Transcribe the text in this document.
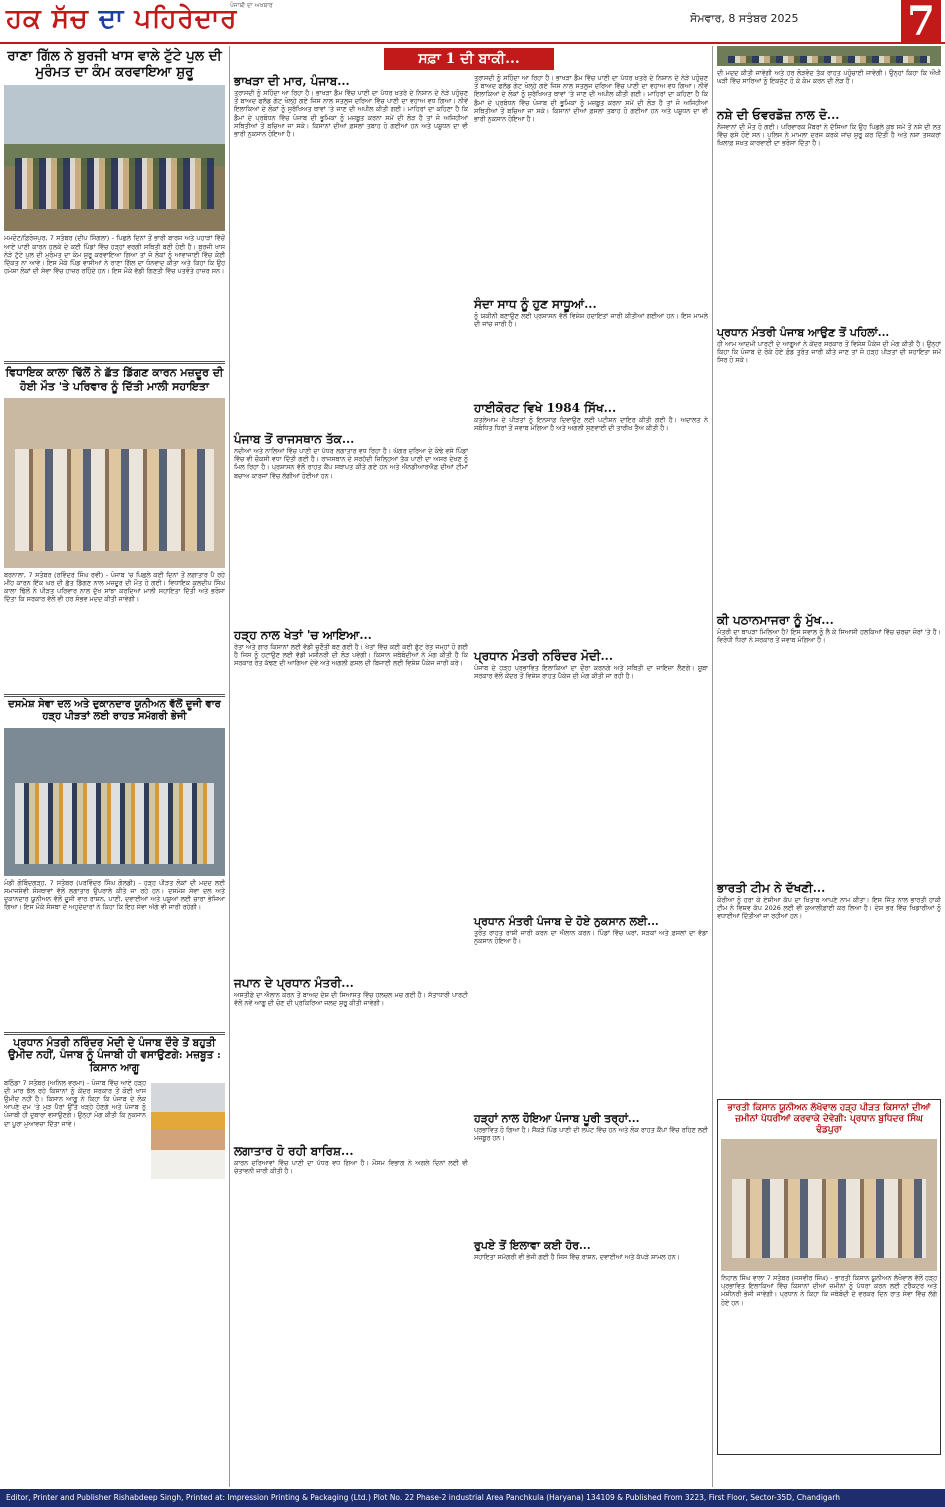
ਹਕ ਸੱਚ ਦਾ ਪਹਿਰੇਦਾਰ
ਪੰਜਾਬੀ ਦਾ ਅਖਬਾਰ
ਸੋਮਵਾਰ, 8 ਸਤੰਬਰ 2025	7
ਰਾਣਾ ਗਿੱਲ ਨੇ ਬੁਰਜੀ ਖਾਸ ਵਾਲੇ ਟੁੱਟੇ ਪੁਲ ਦੀ ਮੁਰੰਮਤ ਦਾ ਕੰਮ ਕਰਵਾਇਆ ਸ਼ੁਰੂ
ਮਮਦੋਟ/ਫ਼ਿਰੋਜ਼ਪੁਰ, 7 ਸਤੰਬਰ (ਦੀਪ ਸਿੰਗਲਾ) - ਪਿਛਲੇ ਦਿਨਾਂ ਤੋਂ ਭਾਰੀ ਬਾਰਸ਼ ਅਤੇ ਪਹਾੜਾਂ ਵਿੱਚੋਂ ਆਏ ਪਾਣੀ ਕਾਰਨ ਹਲਕੇ ਦੇ ਕਈ ਪਿੰਡਾਂ ਵਿੱਚ ਹੜ੍ਹਾਂ ਵਰਗੀ ਸਥਿਤੀ ਬਣੀ ਹੋਈ ਹੈ। ਬੁਰਜੀ ਖਾਸ ਨੇੜੇ ਟੁੱਟੇ ਪੁਲ ਦੀ ਮੁਰੰਮਤ ਦਾ ਕੰਮ ਸ਼ੁਰੂ ਕਰਵਾਇਆ ਗਿਆ ਤਾਂ ਜੋ ਲੋਕਾਂ ਨੂੰ ਆਵਾਜਾਈ ਵਿੱਚ ਕੋਈ ਦਿੱਕਤ ਨਾ ਆਵੇ। ਇਸ ਮੌਕੇ ਪਿੰਡ ਵਾਸੀਆਂ ਨੇ ਰਾਣਾ ਗਿੱਲ ਦਾ ਧੰਨਵਾਦ ਕੀਤਾ ਅਤੇ ਕਿਹਾ ਕਿ ਉਹ ਹਮੇਸ਼ਾ ਲੋਕਾਂ ਦੀ ਸੇਵਾ ਵਿੱਚ ਹਾਜ਼ਰ ਰਹਿੰਦੇ ਹਨ। ਇਸ ਮੌਕੇ ਵੱਡੀ ਗਿਣਤੀ ਵਿੱਚ ਪਤਵੰਤੇ ਹਾਜ਼ਰ ਸਨ।
ਵਿਧਾਇਕ ਕਾਲਾ ਢਿੱਲੋਂ ਨੇ ਛੱਤ ਡਿੱਗਣ ਕਾਰਨ ਮਜ਼ਦੂਰ ਦੀ ਹੋਈ ਮੌਤ 'ਤੇ ਪਰਿਵਾਰ ਨੂੰ ਦਿੱਤੀ ਮਾਲੀ ਸਹਾਇਤਾ
ਬਰਨਾਲਾ, 7 ਸਤੰਬਰ (ਰਵਿੰਦਰ ਸਿੰਘ ਰਵੀ) - ਪੰਜਾਬ 'ਚ ਪਿਛਲੇ ਕਈ ਦਿਨਾਂ ਤੋਂ ਲਗਾਤਾਰ ਪੈ ਰਹੇ ਮੀਂਹ ਕਾਰਨ ਇੱਕ ਘਰ ਦੀ ਛੱਤ ਡਿੱਗਣ ਨਾਲ ਮਜ਼ਦੂਰ ਦੀ ਮੌਤ ਹੋ ਗਈ। ਵਿਧਾਇਕ ਕੁਲਦੀਪ ਸਿੰਘ ਕਾਲਾ ਢਿੱਲੋਂ ਨੇ ਪੀੜਤ ਪਰਿਵਾਰ ਨਾਲ ਦੁੱਖ ਸਾਂਝਾ ਕਰਦਿਆਂ ਮਾਲੀ ਸਹਾਇਤਾ ਦਿੱਤੀ ਅਤੇ ਭਰੋਸਾ ਦਿੱਤਾ ਕਿ ਸਰਕਾਰ ਵੱਲੋਂ ਵੀ ਹਰ ਸੰਭਵ ਮਦਦ ਕੀਤੀ ਜਾਵੇਗੀ।
ਦਸਮੇਸ਼ ਸੇਵਾ ਦਲ ਅਤੇ ਦੁਕਾਨਦਾਰ ਯੂਨੀਅਨ ਵੱਲੋਂ ਦੂਜੀ ਵਾਰ ਹੜ੍ਹ ਪੀੜਤਾਂ ਲਈ ਰਾਹਤ ਸਮੱਗਰੀ ਭੇਜੀ
ਮੰਡੀ ਗੋਬਿੰਦਗੜ੍ਹ, 7 ਸਤੰਬਰ (ਪਰਵਿੰਦਰ ਸਿੰਘ ਗੋਲਡੀ) - ਹੜ੍ਹ ਪੀੜਤ ਲੋਕਾਂ ਦੀ ਮਦਦ ਲਈ ਸਮਾਜਸੇਵੀ ਸੰਸਥਾਵਾਂ ਵੱਲੋਂ ਲਗਾਤਾਰ ਉਪਰਾਲੇ ਕੀਤੇ ਜਾ ਰਹੇ ਹਨ। ਦਸਮੇਸ਼ ਸੇਵਾ ਦਲ ਅਤੇ ਦੁਕਾਨਦਾਰ ਯੂਨੀਅਨ ਵੱਲੋਂ ਦੂਜੀ ਵਾਰ ਰਾਸ਼ਨ, ਪਾਣੀ, ਦਵਾਈਆਂ ਅਤੇ ਪਸ਼ੂਆਂ ਲਈ ਚਾਰਾ ਭੇਜਿਆ ਗਿਆ। ਇਸ ਮੌਕੇ ਸੰਸਥਾ ਦੇ ਅਹੁਦੇਦਾਰਾਂ ਨੇ ਕਿਹਾ ਕਿ ਇਹ ਸੇਵਾ ਅੱਗੇ ਵੀ ਜਾਰੀ ਰਹੇਗੀ।
ਪ੍ਰਧਾਨ ਮੰਤਰੀ ਨਰਿੰਦਰ ਮੋਦੀ ਦੇ ਪੰਜਾਬ ਦੌਰੇ ਤੋਂ ਬਹੁਤੀ ਉਮੀਦ ਨਹੀਂ, ਪੰਜਾਬ ਨੂੰ ਪੰਜਾਬੀ ਹੀ ਵਸਾਉਣਗੇ: ਮਜ਼ਬੂਤ : ਕਿਸਾਨ ਆਗੂ
ਬਠਿੰਡਾ 7 ਸਤੰਬਰ (ਅਨਿਲ ਵਰਮਾ) - ਪੰਜਾਬ ਵਿੱਚ ਆਏ ਹੜ੍ਹ ਦੀ ਮਾਰ ਝੱਲ ਰਹੇ ਕਿਸਾਨਾਂ ਨੂੰ ਕੇਂਦਰ ਸਰਕਾਰ ਤੋਂ ਕੋਈ ਖਾਸ ਉਮੀਦ ਨਹੀਂ ਹੈ। ਕਿਸਾਨ ਆਗੂ ਨੇ ਕਿਹਾ ਕਿ ਪੰਜਾਬ ਦੇ ਲੋਕ ਆਪਣੇ ਦਮ 'ਤੇ ਮੁੜ ਪੈਰਾਂ ਉੱਤੇ ਖੜ੍ਹੇ ਹੋਣਗੇ ਅਤੇ ਪੰਜਾਬ ਨੂੰ ਪੰਜਾਬੀ ਹੀ ਦੁਬਾਰਾ ਵਸਾਉਣਗੇ। ਉਨ੍ਹਾਂ ਮੰਗ ਕੀਤੀ ਕਿ ਨੁਕਸਾਨ ਦਾ ਪੂਰਾ ਮੁਆਵਜ਼ਾ ਦਿੱਤਾ ਜਾਵੇ।
ਸਫ਼ਾ 1 ਦੀ ਬਾਕੀ...
ਭਾਖੜਾ ਦੀ ਮਾਰ, ਪੰਜਾਬ...
ਤ੍ਰਾਸਦੀ ਨੂੰ ਸਹਿੰਦਾ ਆ ਰਿਹਾ ਹੈ। ਭਾਖੜਾ ਡੈਮ ਵਿੱਚ ਪਾਣੀ ਦਾ ਪੱਧਰ ਖ਼ਤਰੇ ਦੇ ਨਿਸ਼ਾਨ ਦੇ ਨੇੜੇ ਪਹੁੰਚਣ ਤੋਂ ਬਾਅਦ ਫਲੱਡ ਗੇਟ ਖੋਲ੍ਹੇ ਗਏ ਜਿਸ ਨਾਲ ਸਤਲੁਜ ਦਰਿਆ ਵਿੱਚ ਪਾਣੀ ਦਾ ਵਹਾਅ ਵਧ ਗਿਆ। ਨੀਵੇਂ ਇਲਾਕਿਆਂ ਦੇ ਲੋਕਾਂ ਨੂੰ ਸੁਰੱਖਿਅਤ ਥਾਵਾਂ 'ਤੇ ਜਾਣ ਦੀ ਅਪੀਲ ਕੀਤੀ ਗਈ। ਮਾਹਿਰਾਂ ਦਾ ਕਹਿਣਾ ਹੈ ਕਿ ਡੈਮਾਂ ਦੇ ਪ੍ਰਬੰਧਨ ਵਿੱਚ ਪੰਜਾਬ ਦੀ ਭੂਮਿਕਾ ਨੂੰ ਮਜ਼ਬੂਤ ਕਰਨਾ ਸਮੇਂ ਦੀ ਲੋੜ ਹੈ ਤਾਂ ਜੋ ਅਜਿਹੀਆਂ ਸਥਿਤੀਆਂ ਤੋਂ ਬਚਿਆ ਜਾ ਸਕੇ। ਕਿਸਾਨਾਂ ਦੀਆਂ ਫ਼ਸਲਾਂ ਤਬਾਹ ਹੋ ਗਈਆਂ ਹਨ ਅਤੇ ਪਸ਼ੂਧਨ ਦਾ ਵੀ ਭਾਰੀ ਨੁਕਸਾਨ ਹੋਇਆ ਹੈ।
ਪੰਜਾਬ ਤੋਂ ਰਾਜਸਥਾਨ ਤੱਕ...
ਨਦੀਆਂ ਅਤੇ ਨਾਲਿਆਂ ਵਿੱਚ ਪਾਣੀ ਦਾ ਪੱਧਰ ਲਗਾਤਾਰ ਵਧ ਰਿਹਾ ਹੈ। ਘੱਗਰ ਦਰਿਆ ਦੇ ਕੰਢੇ ਵਸੇ ਪਿੰਡਾਂ ਵਿੱਚ ਵੀ ਚੌਕਸੀ ਵਧਾ ਦਿੱਤੀ ਗਈ ਹੈ। ਰਾਜਸਥਾਨ ਦੇ ਸਰਹੱਦੀ ਜ਼ਿਲ੍ਹਿਆਂ ਤੱਕ ਪਾਣੀ ਦਾ ਅਸਰ ਦੇਖਣ ਨੂੰ ਮਿਲ ਰਿਹਾ ਹੈ। ਪ੍ਰਸ਼ਾਸਨ ਵੱਲੋਂ ਰਾਹਤ ਕੈਂਪ ਸਥਾਪਤ ਕੀਤੇ ਗਏ ਹਨ ਅਤੇ ਐਨਡੀਆਰਐਫ਼ ਦੀਆਂ ਟੀਮਾਂ ਬਚਾਅ ਕਾਰਜਾਂ ਵਿੱਚ ਲੱਗੀਆਂ ਹੋਈਆਂ ਹਨ।
ਹੜ੍ਹ ਨਾਲ ਖੇਤਾਂ 'ਚ ਆਇਆ...
ਰੇਤਾ ਅਤੇ ਗਾਰ ਕਿਸਾਨਾਂ ਲਈ ਵੱਡੀ ਚੁਣੌਤੀ ਬਣ ਗਈ ਹੈ। ਖੇਤਾਂ ਵਿੱਚ ਕਈ ਕਈ ਫੁੱਟ ਰੇਤ ਜਮ੍ਹਾਂ ਹੋ ਗਈ ਹੈ ਜਿਸ ਨੂੰ ਹਟਾਉਣ ਲਈ ਵੱਡੀ ਮਸ਼ੀਨਰੀ ਦੀ ਲੋੜ ਪਵੇਗੀ। ਕਿਸਾਨ ਜਥੇਬੰਦੀਆਂ ਨੇ ਮੰਗ ਕੀਤੀ ਹੈ ਕਿ ਸਰਕਾਰ ਰੇਤ ਕੱਢਣ ਦੀ ਆਗਿਆ ਦੇਵੇ ਅਤੇ ਅਗਲੀ ਫ਼ਸਲ ਦੀ ਬਿਜਾਈ ਲਈ ਵਿਸ਼ੇਸ਼ ਪੈਕੇਜ ਜਾਰੀ ਕਰੇ।
ਜਪਾਨ ਦੇ ਪ੍ਰਧਾਨ ਮੰਤਰੀ...
ਅਸਤੀਫ਼ੇ ਦਾ ਐਲਾਨ ਕਰਨ ਤੋਂ ਬਾਅਦ ਦੇਸ਼ ਦੀ ਸਿਆਸਤ ਵਿੱਚ ਹਲਚਲ ਮਚ ਗਈ ਹੈ। ਸੱਤਾਧਾਰੀ ਪਾਰਟੀ ਵੱਲੋਂ ਨਵੇਂ ਆਗੂ ਦੀ ਚੋਣ ਦੀ ਪ੍ਰਕਿਰਿਆ ਜਲਦ ਸ਼ੁਰੂ ਕੀਤੀ ਜਾਵੇਗੀ।
ਲਗਾਤਾਰ ਹੋ ਰਹੀ ਬਾਰਿਸ਼...
ਕਾਰਨ ਦਰਿਆਵਾਂ ਵਿੱਚ ਪਾਣੀ ਦਾ ਪੱਧਰ ਵਧ ਗਿਆ ਹੈ। ਮੌਸਮ ਵਿਭਾਗ ਨੇ ਅਗਲੇ ਦਿਨਾਂ ਲਈ ਵੀ ਚੇਤਾਵਨੀ ਜਾਰੀ ਕੀਤੀ ਹੈ।
ਤ੍ਰਾਸਦੀ ਨੂੰ ਸਹਿੰਦਾ ਆ ਰਿਹਾ ਹੈ। ਭਾਖੜਾ ਡੈਮ ਵਿੱਚ ਪਾਣੀ ਦਾ ਪੱਧਰ ਖ਼ਤਰੇ ਦੇ ਨਿਸ਼ਾਨ ਦੇ ਨੇੜੇ ਪਹੁੰਚਣ ਤੋਂ ਬਾਅਦ ਫਲੱਡ ਗੇਟ ਖੋਲ੍ਹੇ ਗਏ ਜਿਸ ਨਾਲ ਸਤਲੁਜ ਦਰਿਆ ਵਿੱਚ ਪਾਣੀ ਦਾ ਵਹਾਅ ਵਧ ਗਿਆ। ਨੀਵੇਂ ਇਲਾਕਿਆਂ ਦੇ ਲੋਕਾਂ ਨੂੰ ਸੁਰੱਖਿਅਤ ਥਾਵਾਂ 'ਤੇ ਜਾਣ ਦੀ ਅਪੀਲ ਕੀਤੀ ਗਈ। ਮਾਹਿਰਾਂ ਦਾ ਕਹਿਣਾ ਹੈ ਕਿ ਡੈਮਾਂ ਦੇ ਪ੍ਰਬੰਧਨ ਵਿੱਚ ਪੰਜਾਬ ਦੀ ਭੂਮਿਕਾ ਨੂੰ ਮਜ਼ਬੂਤ ਕਰਨਾ ਸਮੇਂ ਦੀ ਲੋੜ ਹੈ ਤਾਂ ਜੋ ਅਜਿਹੀਆਂ ਸਥਿਤੀਆਂ ਤੋਂ ਬਚਿਆ ਜਾ ਸਕੇ। ਕਿਸਾਨਾਂ ਦੀਆਂ ਫ਼ਸਲਾਂ ਤਬਾਹ ਹੋ ਗਈਆਂ ਹਨ ਅਤੇ ਪਸ਼ੂਧਨ ਦਾ ਵੀ ਭਾਰੀ ਨੁਕਸਾਨ ਹੋਇਆ ਹੈ।
ਸੰਦਾ ਸਾਧ ਨੂੰ ਹੁਣ ਸਾਧੂਆਂ...
ਨੂੰ ਯਕੀਨੀ ਬਣਾਉਣ ਲਈ ਪ੍ਰਸ਼ਾਸਨ ਵੱਲੋਂ ਵਿਸ਼ੇਸ਼ ਹਦਾਇਤਾਂ ਜਾਰੀ ਕੀਤੀਆਂ ਗਈਆਂ ਹਨ। ਇਸ ਮਾਮਲੇ ਦੀ ਜਾਂਚ ਜਾਰੀ ਹੈ।
ਹਾਈਕੋਰਟ ਵਿਖੇ 1984 ਸਿੱਖ...
ਕਤਲੇਆਮ ਦੇ ਪੀੜਤਾਂ ਨੂੰ ਇਨਸਾਫ਼ ਦਿਵਾਉਣ ਲਈ ਪਟੀਸ਼ਨ ਦਾਇਰ ਕੀਤੀ ਗਈ ਹੈ। ਅਦਾਲਤ ਨੇ ਸਬੰਧਿਤ ਧਿਰਾਂ ਤੋਂ ਜਵਾਬ ਮੰਗਿਆ ਹੈ ਅਤੇ ਅਗਲੀ ਸੁਣਵਾਈ ਦੀ ਤਾਰੀਖ਼ ਤੈਅ ਕੀਤੀ ਹੈ।
ਪ੍ਰਧਾਨ ਮੰਤਰੀ ਨਰਿੰਦਰ ਮੋਦੀ...
ਪੰਜਾਬ ਦੇ ਹੜ੍ਹ ਪ੍ਰਭਾਵਿਤ ਇਲਾਕਿਆਂ ਦਾ ਦੌਰਾ ਕਰਨਗੇ ਅਤੇ ਸਥਿਤੀ ਦਾ ਜਾਇਜ਼ਾ ਲੈਣਗੇ। ਸੂਬਾ ਸਰਕਾਰ ਵੱਲੋਂ ਕੇਂਦਰ ਤੋਂ ਵਿਸ਼ੇਸ਼ ਰਾਹਤ ਪੈਕੇਜ ਦੀ ਮੰਗ ਕੀਤੀ ਜਾ ਰਹੀ ਹੈ।
ਪ੍ਰਧਾਨ ਮੰਤਰੀ ਪੰਜਾਬ ਦੇ ਹੋਏ ਨੁਕਸਾਨ ਲਈ...
ਤੁਰੰਤ ਰਾਹਤ ਰਾਸ਼ੀ ਜਾਰੀ ਕਰਨ ਦਾ ਐਲਾਨ ਕਰਨ। ਪਿੰਡਾਂ ਵਿੱਚ ਘਰਾਂ, ਸੜਕਾਂ ਅਤੇ ਫ਼ਸਲਾਂ ਦਾ ਵੱਡਾ ਨੁਕਸਾਨ ਹੋਇਆ ਹੈ।
ਹੜ੍ਹਾਂ ਨਾਲ ਹੋਇਆ ਪੰਜਾਬ ਪੂਰੀ ਤਰ੍ਹਾਂ...
ਪ੍ਰਭਾਵਿਤ ਹੋ ਗਿਆ ਹੈ। ਸੈਂਕੜੇ ਪਿੰਡ ਪਾਣੀ ਦੀ ਲਪੇਟ ਵਿੱਚ ਹਨ ਅਤੇ ਲੋਕ ਰਾਹਤ ਕੈਂਪਾਂ ਵਿੱਚ ਰਹਿਣ ਲਈ ਮਜਬੂਰ ਹਨ।
ਰੁਪਏ ਤੋਂ ਇਲਾਵਾ ਕਈ ਹੋਰ...
ਸਹਾਇਤਾ ਸਮੱਗਰੀ ਵੀ ਭੇਜੀ ਗਈ ਹੈ ਜਿਸ ਵਿੱਚ ਰਾਸ਼ਨ, ਦਵਾਈਆਂ ਅਤੇ ਕੱਪੜੇ ਸ਼ਾਮਲ ਹਨ।
ਦੀ ਮਦਦ ਕੀਤੀ ਜਾਵੇਗੀ ਅਤੇ ਹਰ ਲੋੜਵੰਦ ਤੱਕ ਰਾਹਤ ਪਹੁੰਚਾਈ ਜਾਵੇਗੀ। ਉਨ੍ਹਾਂ ਕਿਹਾ ਕਿ ਔਖੀ ਘੜੀ ਵਿੱਚ ਸਾਰਿਆਂ ਨੂੰ ਇਕਜੁੱਟ ਹੋ ਕੇ ਕੰਮ ਕਰਨ ਦੀ ਲੋੜ ਹੈ।
ਨਸ਼ੇ ਦੀ ਓਵਰਡੋਜ਼ ਨਾਲ ਦੋ...
ਨੌਜਵਾਨਾਂ ਦੀ ਮੌਤ ਹੋ ਗਈ। ਪਰਿਵਾਰਕ ਮੈਂਬਰਾਂ ਨੇ ਦੱਸਿਆ ਕਿ ਉਹ ਪਿਛਲੇ ਕੁਝ ਸਮੇਂ ਤੋਂ ਨਸ਼ੇ ਦੀ ਲਤ ਵਿੱਚ ਫਸੇ ਹੋਏ ਸਨ। ਪੁਲਿਸ ਨੇ ਮਾਮਲਾ ਦਰਜ ਕਰਕੇ ਜਾਂਚ ਸ਼ੁਰੂ ਕਰ ਦਿੱਤੀ ਹੈ ਅਤੇ ਨਸ਼ਾ ਤਸਕਰਾਂ ਖ਼ਿਲਾਫ਼ ਸਖ਼ਤ ਕਾਰਵਾਈ ਦਾ ਭਰੋਸਾ ਦਿੱਤਾ ਹੈ।
ਪ੍ਰਧਾਨ ਮੰਤਰੀ ਪੰਜਾਬ ਆਉਣ ਤੋਂ ਪਹਿਲਾਂ...
ਹੀ ਆਮ ਆਦਮੀ ਪਾਰਟੀ ਦੇ ਆਗੂਆਂ ਨੇ ਕੇਂਦਰ ਸਰਕਾਰ ਤੋਂ ਵਿਸ਼ੇਸ਼ ਪੈਕੇਜ ਦੀ ਮੰਗ ਕੀਤੀ ਹੈ। ਉਨ੍ਹਾਂ ਕਿਹਾ ਕਿ ਪੰਜਾਬ ਦੇ ਰੋਕੇ ਹੋਏ ਫ਼ੰਡ ਤੁਰੰਤ ਜਾਰੀ ਕੀਤੇ ਜਾਣ ਤਾਂ ਜੋ ਹੜ੍ਹ ਪੀੜਤਾਂ ਦੀ ਸਹਾਇਤਾ ਸਮੇਂ ਸਿਰ ਹੋ ਸਕੇ।
ਕੀ ਪਠਾਨਮਾਜਰਾ ਨੂੰ ਮੁੱਖ...
ਮੰਤਰੀ ਦਾ ਥਾਪੜਾ ਮਿਲਿਆ ਹੈ? ਇਸ ਸਵਾਲ ਨੂੰ ਲੈ ਕੇ ਸਿਆਸੀ ਹਲਕਿਆਂ ਵਿੱਚ ਚਰਚਾ ਜ਼ੋਰਾਂ 'ਤੇ ਹੈ। ਵਿਰੋਧੀ ਧਿਰਾਂ ਨੇ ਸਰਕਾਰ ਤੋਂ ਜਵਾਬ ਮੰਗਿਆ ਹੈ।
ਭਾਰਤੀ ਟੀਮ ਨੇ ਦੱਖਣੀ...
ਕੋਰੀਆ ਨੂੰ ਹਰਾ ਕੇ ਏਸ਼ੀਆ ਕੱਪ ਦਾ ਖ਼ਿਤਾਬ ਆਪਣੇ ਨਾਮ ਕੀਤਾ। ਇਸ ਜਿੱਤ ਨਾਲ ਭਾਰਤੀ ਹਾਕੀ ਟੀਮ ਨੇ ਵਿਸ਼ਵ ਕੱਪ 2026 ਲਈ ਵੀ ਕੁਆਲੀਫ਼ਾਈ ਕਰ ਲਿਆ ਹੈ। ਦੇਸ਼ ਭਰ ਵਿੱਚ ਖਿਡਾਰੀਆਂ ਨੂੰ ਵਧਾਈਆਂ ਦਿੱਤੀਆਂ ਜਾ ਰਹੀਆਂ ਹਨ।
ਭਾਰਤੀ ਕਿਸਾਨ ਯੂਨੀਅਨ ਲੱਖੋਵਾਲ ਹੜ੍ਹ ਪੀੜਤ ਕਿਸਾਨਾਂ ਦੀਆਂ ਜ਼ਮੀਨਾਂ ਪੱਧਰੀਆਂ ਕਰਵਾਕੇ ਦੇਵੇਗੀ: ਪ੍ਰਧਾਨ ਬੁਧਿਦਰ ਸਿੰਘ ਢੰਡਪੁਰਾ
ਨਿਹਾਲ ਸਿੰਘ ਵਾਲਾ 7 ਸਤੰਬਰ (ਜਸਵੀਰ ਸਿੰਘ) - ਭਾਰਤੀ ਕਿਸਾਨ ਯੂਨੀਅਨ ਲੱਖੋਵਾਲ ਵੱਲੋਂ ਹੜ੍ਹ ਪ੍ਰਭਾਵਿਤ ਇਲਾਕਿਆਂ ਵਿੱਚ ਕਿਸਾਨਾਂ ਦੀਆਂ ਜ਼ਮੀਨਾਂ ਨੂੰ ਪੱਧਰਾ ਕਰਨ ਲਈ ਟਰੈਕਟਰ ਅਤੇ ਮਸ਼ੀਨਰੀ ਭੇਜੀ ਜਾਵੇਗੀ। ਪ੍ਰਧਾਨ ਨੇ ਕਿਹਾ ਕਿ ਜਥੇਬੰਦੀ ਦੇ ਵਰਕਰ ਦਿਨ ਰਾਤ ਸੇਵਾ ਵਿੱਚ ਲੱਗੇ ਹੋਏ ਹਨ।
Editor, Printer and Publisher Rishabdeep Singh, Printed at: Impression Printing & Packaging (Ltd.) Plot No. 22 Phase-2 industrial Area Panchkula (Haryana) 134109 & Published From 3223, First Floor, Sector-35D, Chandigarh
